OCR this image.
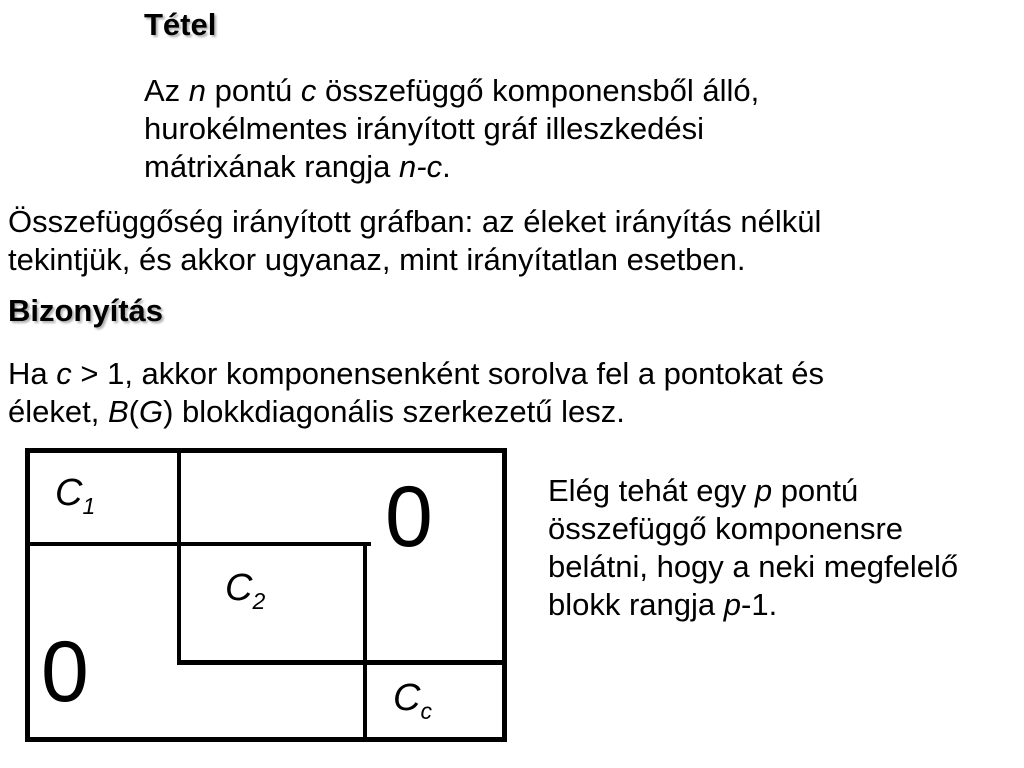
Tétel

Az n pontú c összefüggő komponensből álló,
hurokélmentes irányított gráf illeszkedési
mátrixának rangja n-c.

Összefüggőség irányított gráfban: az éleket irányítás nélkül
tekintjük, és akkor ugyanaz, mint irányítatlan esetben.

Bizonyítás

Ha c > 1, akkor komponensenként sorolva fel a pontokat és
éleket, B(G) blokkdiagonális szerkezetű lesz.

$C_1$
$C_2$
$C_c$
0
0

Elég tehát egy p pontú
összefüggő komponensre
belátni, hogy a neki megfelelő
blokk rangja p-1.
